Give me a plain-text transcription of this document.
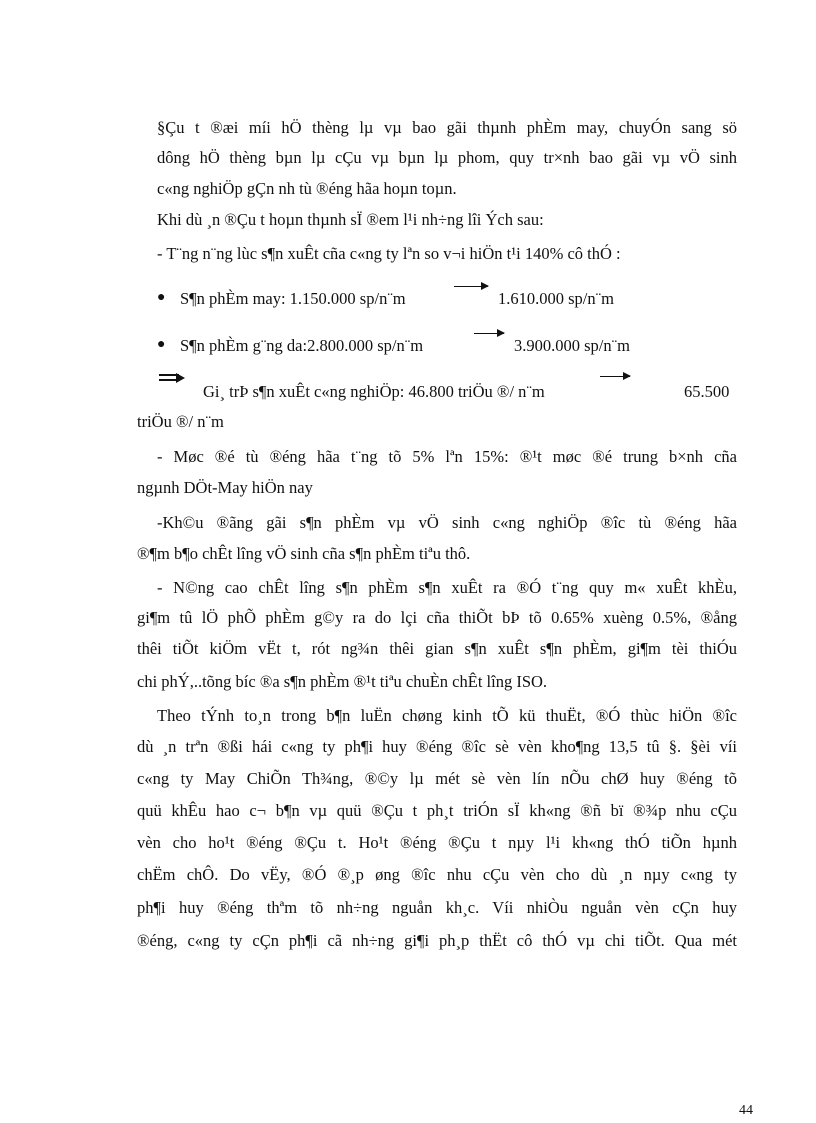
§Çu t ®æi míi hÖ thèng lµ vµ bao gãi thµnh phÈm may, chuyÓn sang sö
dông hÖ thèng bµn lµ cÇu vµ bµn lµ phom, quy tr×nh bao gãi vµ vÖ sinh
c«ng nghiÖp gÇn nh tù ®éng hãa hoµn toµn.
Khi dù ¸n ®Çu t hoµn thµnh sÏ ®em l¹i nh÷ng lîi Ých sau:
- T¨ng n¨ng lùc s¶n xuÊt cña c«ng ty lªn so v¬i hiÖn t¹i 140% cô thÓ :
● S¶n phÈm may: 1.150.000 sp/n¨m	1.610.000 sp/n¨m
● S¶n phÈm g¨ng da:2.800.000 sp/n¨m	3.900.000 sp/n¨m
Gi¸ trÞ s¶n xuÊt c«ng nghiÖp: 46.800 triÖu ®/ n¨m	65.500
triÖu ®/ n¨m
- Møc ®é tù ®éng hãa t¨ng tõ 5% lªn 15%: ®¹t møc ®é trung b×nh cña
ngµnh DÖt-May hiÖn nay
-Kh©u ®ãng gãi s¶n phÈm vµ vÖ sinh c«ng nghiÖp ®îc tù ®éng hãa
®¶m b¶o chÊt lîng vÖ sinh cña s¶n phÈm tiªu thô.
- N©ng cao chÊt lîng s¶n phÈm s¶n xuÊt ra ®Ó t¨ng quy m« xuÊt khÈu,
gi¶m tû lÖ phÕ phÈm g©y ra do lçi cña thiÕt bÞ tõ 0.65% xuèng 0.5%, ®ång
thêi tiÕt kiÖm vËt t, rót ng¾n thêi gian s¶n xuÊt s¶n phÈm, gi¶m tèi thiÓu
chi phÝ,..tõng bíc ®a s¶n phÈm ®¹t tiªu chuÈn chÊt lîng ISO.
Theo tÝnh to¸n trong b¶n luËn chøng kinh tÕ kü thuËt, ®Ó thùc hiÖn ®îc
dù ¸n trªn ®ßi hái c«ng ty ph¶i huy ®éng ®îc sè vèn kho¶ng 13,5 tû §. §èi víi
c«ng ty May ChiÕn Th¾ng, ®©y lµ mét sè vèn lín nÕu chØ huy ®éng tõ
quü khÊu hao c¬ b¶n vµ quü ®Çu t ph¸t triÓn sÏ kh«ng ®ñ bï ®¾p nhu cÇu
vèn cho ho¹t ®éng ®Çu t. Ho¹t ®éng ®Çu t nµy l¹i kh«ng thÓ tiÕn hµnh
chËm chÔ. Do vËy, ®Ó ®¸p øng ®îc nhu cÇu vèn cho dù ¸n nµy c«ng ty
ph¶i huy ®éng thªm tõ nh÷ng nguån kh¸c. Víi nhiÒu nguån vèn cÇn huy
®éng, c«ng ty cÇn ph¶i cã nh÷ng gi¶i ph¸p thËt cô thÓ vµ chi tiÕt. Qua mét
44
